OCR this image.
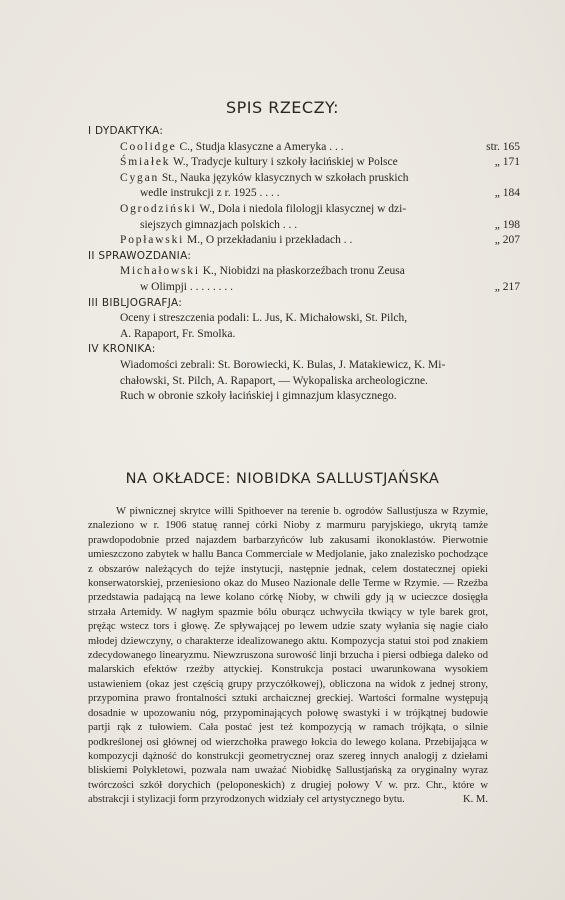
SPIS RZECZY:
I DYDAKTYKA:
Coolidge C., Studja klasyczne a Ameryka . . .	str. 165
Śmiałek W., Tradycje kultury i szkoły łacińskiej w Polsce	„ 171
Cygan St., Nauka języków klasycznych w szkołach pruskich
wedle instrukcji z r. 1925 . . . .	„ 184
Ogrodziński W., Dola i niedola filologji klasycznej w dzi-
siejszych gimnazjach polskich . . .	„ 198
Popławski M., O przekładaniu i przekładach . .	„ 207
II SPRAWOZDANIA:
Michałowski K., Niobidzi na płaskorzeźbach tronu Zeusa
w Olimpji . . . . . . . .	„ 217
III BIBLJOGRAFJA:
Oceny i streszczenia podali: L. Jus, K. Michałowski, St. Pilch,
A. Rapaport, Fr. Smolka.
IV KRONIKA:
Wiadomości zebrali: St. Borowiecki, K. Bulas, J. Matakiewicz, K. Mi-
chałowski, St. Pilch, A. Rapaport, — Wykopaliska archeologiczne.
Ruch w obronie szkoły łacińskiej i gimnazjum klasycznego.
NA OKŁADCE: NIOBIDKA SALLUSTJAŃSKA
W piwnicznej skrytce willi Spithoever na terenie b. ogrodów Sallustjusza w Rzymie, znaleziono w r. 1906 statuę rannej córki Nioby z marmuru paryjskiego, ukrytą tamże prawdopodobnie przed najazdem barbarzyńców lub zakusami ikonoklastów. Pierwotnie umieszczono zabytek w hallu Banca Commerciale w Medjolanie, jako znalezisko pochodzące z obszarów należących do tejże instytucji, następnie jednak, celem dostatecznej opieki konserwatorskiej, przeniesiono okaz do Museo Nazionale delle Terme w Rzymie. — Rzeźba przedstawia padającą na lewe kolano córkę Nioby, w chwili gdy ją w ucieczce dosięgła strzała Artemidy. W nagłym spazmie bólu oburącz uchwyciła tkwiący w tyle barek grot, prężąc wstecz tors i głowę. Ze spływającej po lewem udzie szaty wyłania się nagie ciało młodej dziewczyny, o charakterze idealizowanego aktu. Kompozycja statui stoi pod znakiem zdecydowanego linearyzmu. Niewzruszona surowość linji brzucha i piersi odbiega daleko od malarskich efektów rzeźby attyckiej. Konstrukcja postaci uwarunkowana wysokiem ustawieniem (okaz jest częścią grupy przyczółkowej), obliczona na widok z jednej strony, przypomina prawo frontalności sztuki archaicznej greckiej. Wartości formalne występują dosadnie w upozowaniu nóg, przypominających połowę swastyki i w trójkątnej budowie partji rąk z tułowiem. Cała postać jest też kompozycją w ramach trójkąta, o silnie podkreślonej osi głównej od wierzchołka prawego łokcia do lewego kolana. Przebijająca w kompozycji dążność do konstrukcji geometrycznej oraz szereg innych analogij z dziełami bliskiemi Polykletowi, pozwala nam uważać Niobidkę Sallustjańską za oryginalny wyraz twórczości szkół dorychich (peloponeskich) z drugiej połowy V w. prz. Chr., które w abstrakcji i stylizacji form przyrodzonych widziały cel artystycznego bytu.	K. M.
